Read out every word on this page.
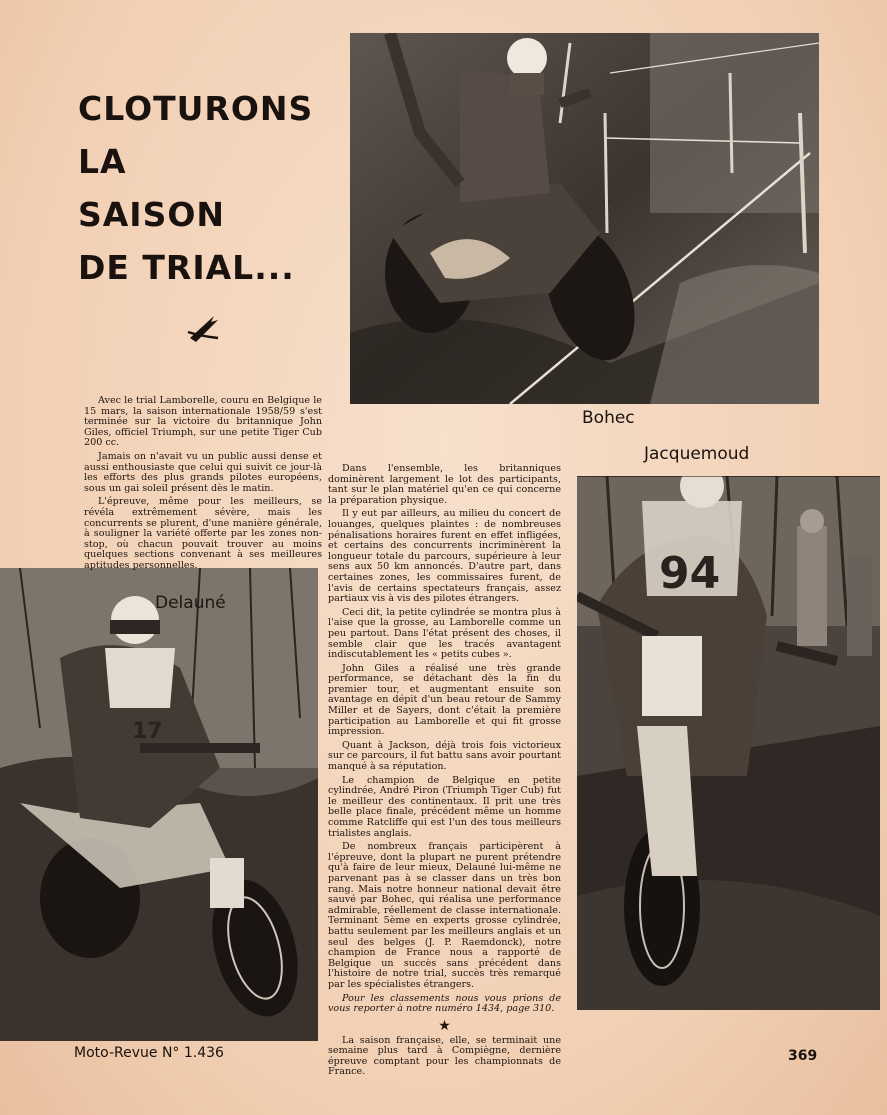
CLOTURONS
LA
SAISON
DE TRIAL...
Bohec
Jacquemoud
94
17
Delauné

Avec le trial Lamborelle, couru en Belgique le 15 mars, la saison internationale 1958/59 s'est terminée sur la victoire du britannique John Giles, officiel Triumph, sur une petite Tiger Cub 200 cc.

Jamais on n'avait vu un public aussi dense et aussi enthousiaste que celui qui suivit ce jour-là les efforts des plus grands pilotes européens, sous un gai soleil présent dès le matin.

L'épreuve, même pour les meilleurs, se révéla extrêmement sévère, mais les concurrents se plurent, d'une manière générale, à souligner la variété offerte par les zones non-stop, où chacun pouvait trouver au moins quelques sections convenant à ses meilleures aptitudes personnelles.

Dans l'ensemble, les britanniques dominèrent largement le lot des participants, tant sur le plan matériel qu'en ce qui concerne la préparation physique.

Il y eut par ailleurs, au milieu du concert de louanges, quelques plaintes : de nombreuses pénalisations horaires furent en effet infligées, et certains des concurrents incriminèrent la longueur totale du parcours, supérieure à leur sens aux 50 km annoncés. D'autre part, dans certaines zones, les commissaires furent, de l'avis de certains spectateurs français, assez partiaux vis à vis des pilotes étrangers.

Ceci dit, la petite cylindrée se montra plus à l'aise que la grosse, au Lamborelle comme un peu partout. Dans l'état présent des choses, il semble clair que les tracés avantagent indiscutablement les « petits cubes ».

John Giles a réalisé une très grande performance, se détachant dès la fin du premier tour, et augmentant ensuite son avantage en dépit d'un beau retour de Sammy Miller et de Sayers, dont c'était la première participation au Lamborelle et qui fit grosse impression.

Quant à Jackson, déjà trois fois victorieux sur ce parcours, il fut battu sans avoir pourtant manqué à sa réputation.

Le champion de Belgique en petite cylindrée, André Piron (Triumph Tiger Cub) fut le meilleur des continentaux. Il prit une très belle place finale, précédent même un homme comme Ratcliffe qui est l'un des tous meilleurs trialistes anglais.

De nombreux français participèrent à l'épreuve, dont la plupart ne purent prétendre qu'à faire de leur mieux, Delauné lui-même ne parvenant pas à se classer dans un très bon rang. Mais notre honneur national devait être sauvé par Bohec, qui réalisa une performance admirable, réellement de classe internationale. Terminant 5ème en experts grosse cylindrée, battu seulement par les meilleurs anglais et un seul des belges (J. P. Raemdonck), notre champion de France nous a rapporté de Belgique un succès sans précédent dans l'histoire de notre trial, succès très remarqué par les spécialistes étrangers.

Pour les classements nous vous prions de vous reporter à notre numéro 1434, page 310.

★

La saison française, elle, se terminait une semaine plus tard à Compiègne, dernière épreuve comptant pour les championnats de France.

Moto-Revue N° 1.436	369
